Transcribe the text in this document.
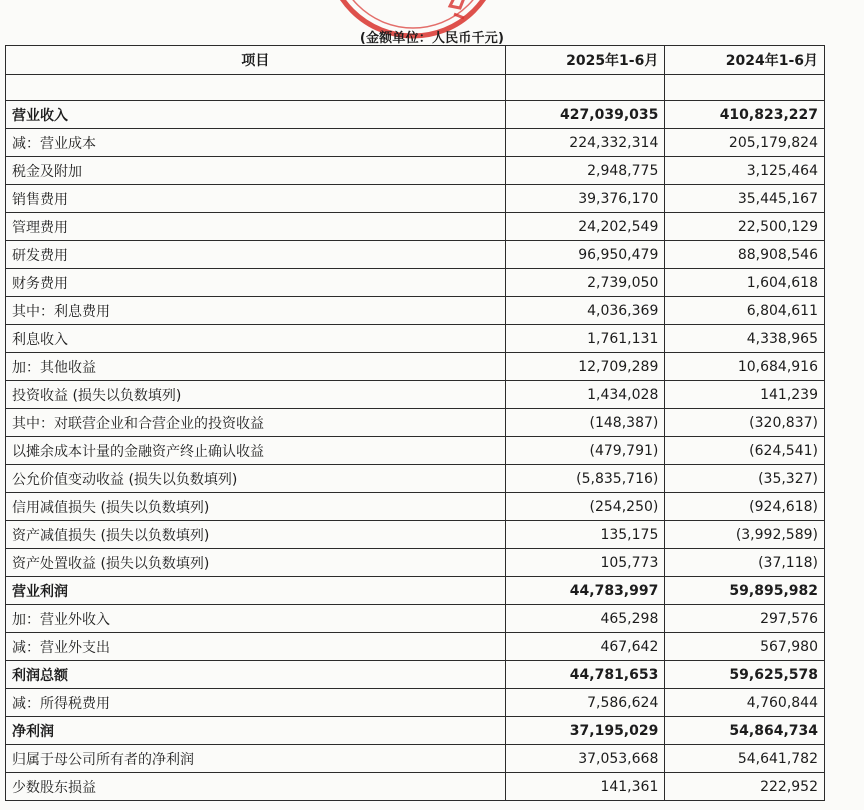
(金额单位：人民币千元)
项目	2025年1-6月	2024年1-6月

营业收入	427,039,035	410,823,227
减：营业成本	224,332,314	205,179,824
税金及附加	2,948,775	3,125,464
销售费用	39,376,170	35,445,167
管理费用	24,202,549	22,500,129
研发费用	96,950,479	88,908,546
财务费用	2,739,050	1,604,618
其中：利息费用	4,036,369	6,804,611
利息收入	1,761,131	4,338,965
加：其他收益	12,709,289	10,684,916
投资收益 (损失以负数填列)	1,434,028	141,239
其中：对联营企业和合营企业的投资收益	(148,387)	(320,837)
以摊余成本计量的金融资产终止确认收益	(479,791)	(624,541)
公允价值变动收益 (损失以负数填列)	(5,835,716)	(35,327)
信用减值损失 (损失以负数填列)	(254,250)	(924,618)
资产减值损失 (损失以负数填列)	135,175	(3,992,589)
资产处置收益 (损失以负数填列)	105,773	(37,118)
营业利润	44,783,997	59,895,982
加：营业外收入	465,298	297,576
减：营业外支出	467,642	567,980
利润总额	44,781,653	59,625,578
减：所得税费用	7,586,624	4,760,844
净利润	37,195,029	54,864,734
归属于母公司所有者的净利润	37,053,668	54,641,782
少数股东损益	141,361	222,952
